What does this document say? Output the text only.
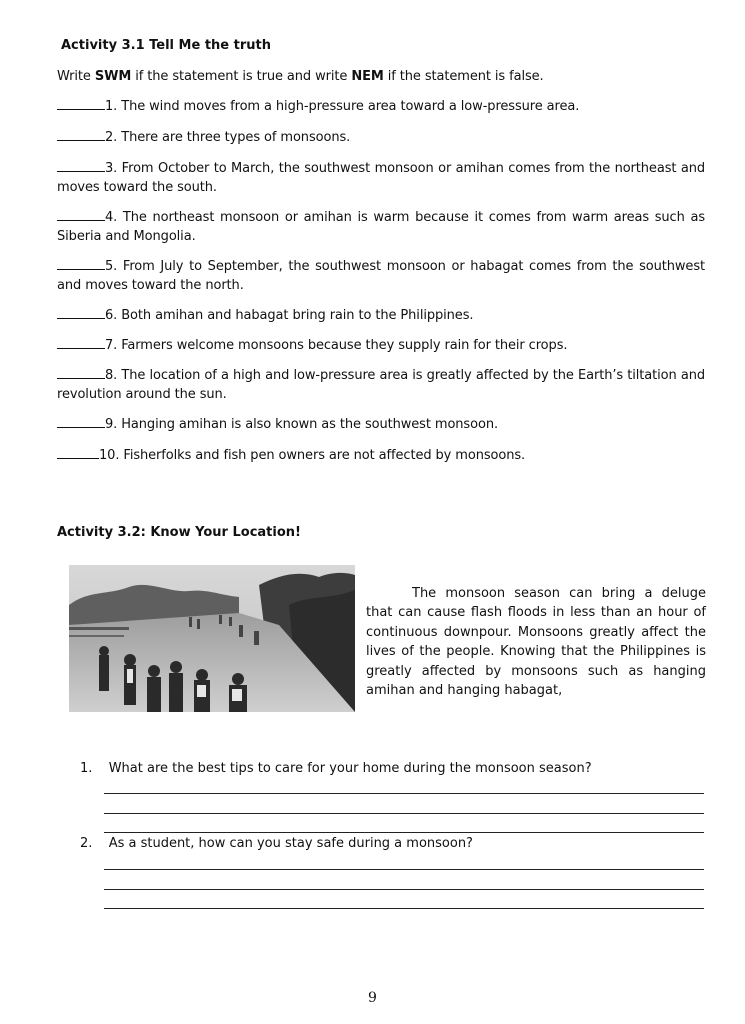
Activity 3.1 Tell Me the truth
Write SWM if the statement is true and write NEM if the statement is false.
1. The wind moves from a high-pressure area toward a low-pressure area.
2. There are three types of monsoons.
3. From October to March, the southwest monsoon or amihan comes from the northeast and moves toward the south.
4. The northeast monsoon or amihan is warm because it comes from warm areas such as Siberia and Mongolia.
5. From July to September, the southwest monsoon or habagat comes from the southwest and moves toward the north.
6. Both amihan and habagat bring rain to the Philippines.
7. Farmers welcome monsoons because they supply rain for their crops.
8. The location of a high and low-pressure area is greatly affected by the Earth’s tiltation and revolution around the sun.
9. Hanging amihan is also known as the southwest monsoon.
10. Fisherfolks and fish pen owners are not affected by monsoons.
Activity 3.2: Know Your Location!
The monsoon season can bring a deluge that can cause flash floods in less than an hour of continuous downpour. Monsoons greatly affect the lives of the people. Knowing that the Philippines is greatly affected by monsoons such as hanging amihan and hanging habagat,
1. What are the best tips to care for your home during the monsoon season?
2. As a student, how can you stay safe during a monsoon?
9
